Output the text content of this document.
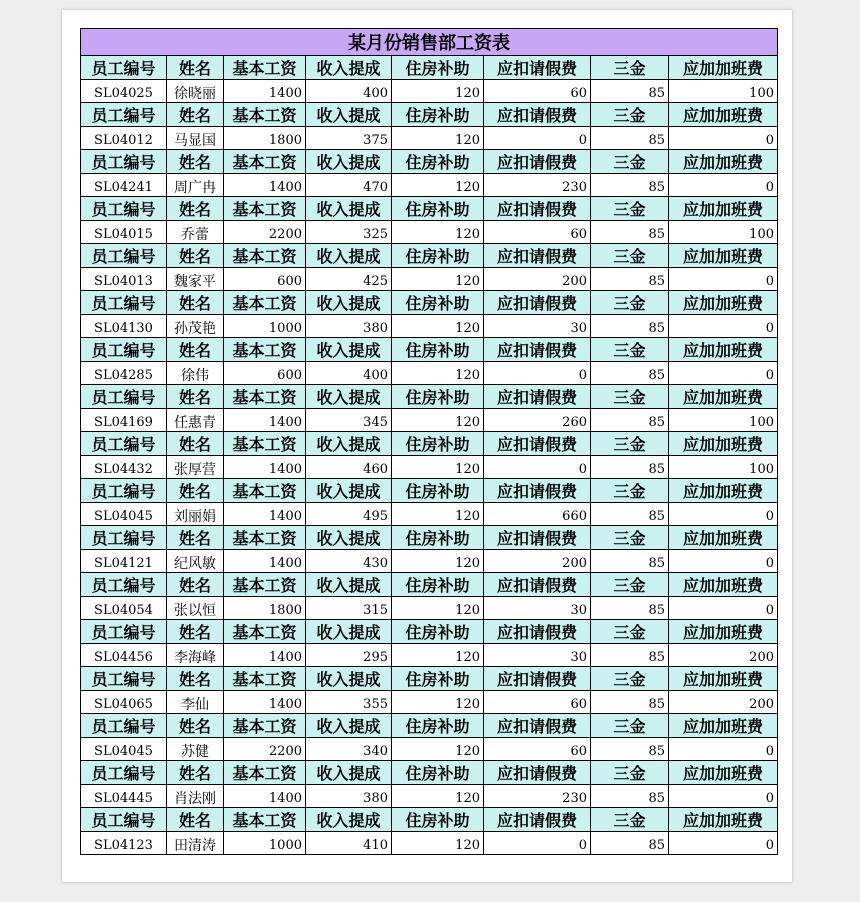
某月份销售部工资表							
员工编号	姓名	基本工资	收入提成	住房补助	应扣请假费	三金	应加加班费
SL04025	徐晓丽	1400	400	120	60	85	100
员工编号	姓名	基本工资	收入提成	住房补助	应扣请假费	三金	应加加班费
SL04012	马显国	1800	375	120	0	85	0
员工编号	姓名	基本工资	收入提成	住房补助	应扣请假费	三金	应加加班费
SL04241	周广冉	1400	470	120	230	85	0
员工编号	姓名	基本工资	收入提成	住房补助	应扣请假费	三金	应加加班费
SL04015	乔蕾	2200	325	120	60	85	100
员工编号	姓名	基本工资	收入提成	住房补助	应扣请假费	三金	应加加班费
SL04013	魏家平	600	425	120	200	85	0
员工编号	姓名	基本工资	收入提成	住房补助	应扣请假费	三金	应加加班费
SL04130	孙茂艳	1000	380	120	30	85	0
员工编号	姓名	基本工资	收入提成	住房补助	应扣请假费	三金	应加加班费
SL04285	徐伟	600	400	120	0	85	0
员工编号	姓名	基本工资	收入提成	住房补助	应扣请假费	三金	应加加班费
SL04169	任惠青	1400	345	120	260	85	100
员工编号	姓名	基本工资	收入提成	住房补助	应扣请假费	三金	应加加班费
SL04432	张厚营	1400	460	120	0	85	100
员工编号	姓名	基本工资	收入提成	住房补助	应扣请假费	三金	应加加班费
SL04045	刘丽娟	1400	495	120	660	85	0
员工编号	姓名	基本工资	收入提成	住房补助	应扣请假费	三金	应加加班费
SL04121	纪风敏	1400	430	120	200	85	0
员工编号	姓名	基本工资	收入提成	住房补助	应扣请假费	三金	应加加班费
SL04054	张以恒	1800	315	120	30	85	0
员工编号	姓名	基本工资	收入提成	住房补助	应扣请假费	三金	应加加班费
SL04456	李海峰	1400	295	120	30	85	200
员工编号	姓名	基本工资	收入提成	住房补助	应扣请假费	三金	应加加班费
SL04065	李仙	1400	355	120	60	85	200
员工编号	姓名	基本工资	收入提成	住房补助	应扣请假费	三金	应加加班费
SL04045	苏健	2200	340	120	60	85	0
员工编号	姓名	基本工资	收入提成	住房补助	应扣请假费	三金	应加加班费
SL04445	肖法刚	1400	380	120	230	85	0
员工编号	姓名	基本工资	收入提成	住房补助	应扣请假费	三金	应加加班费
SL04123	田清涛	1000	410	120	0	85	0
